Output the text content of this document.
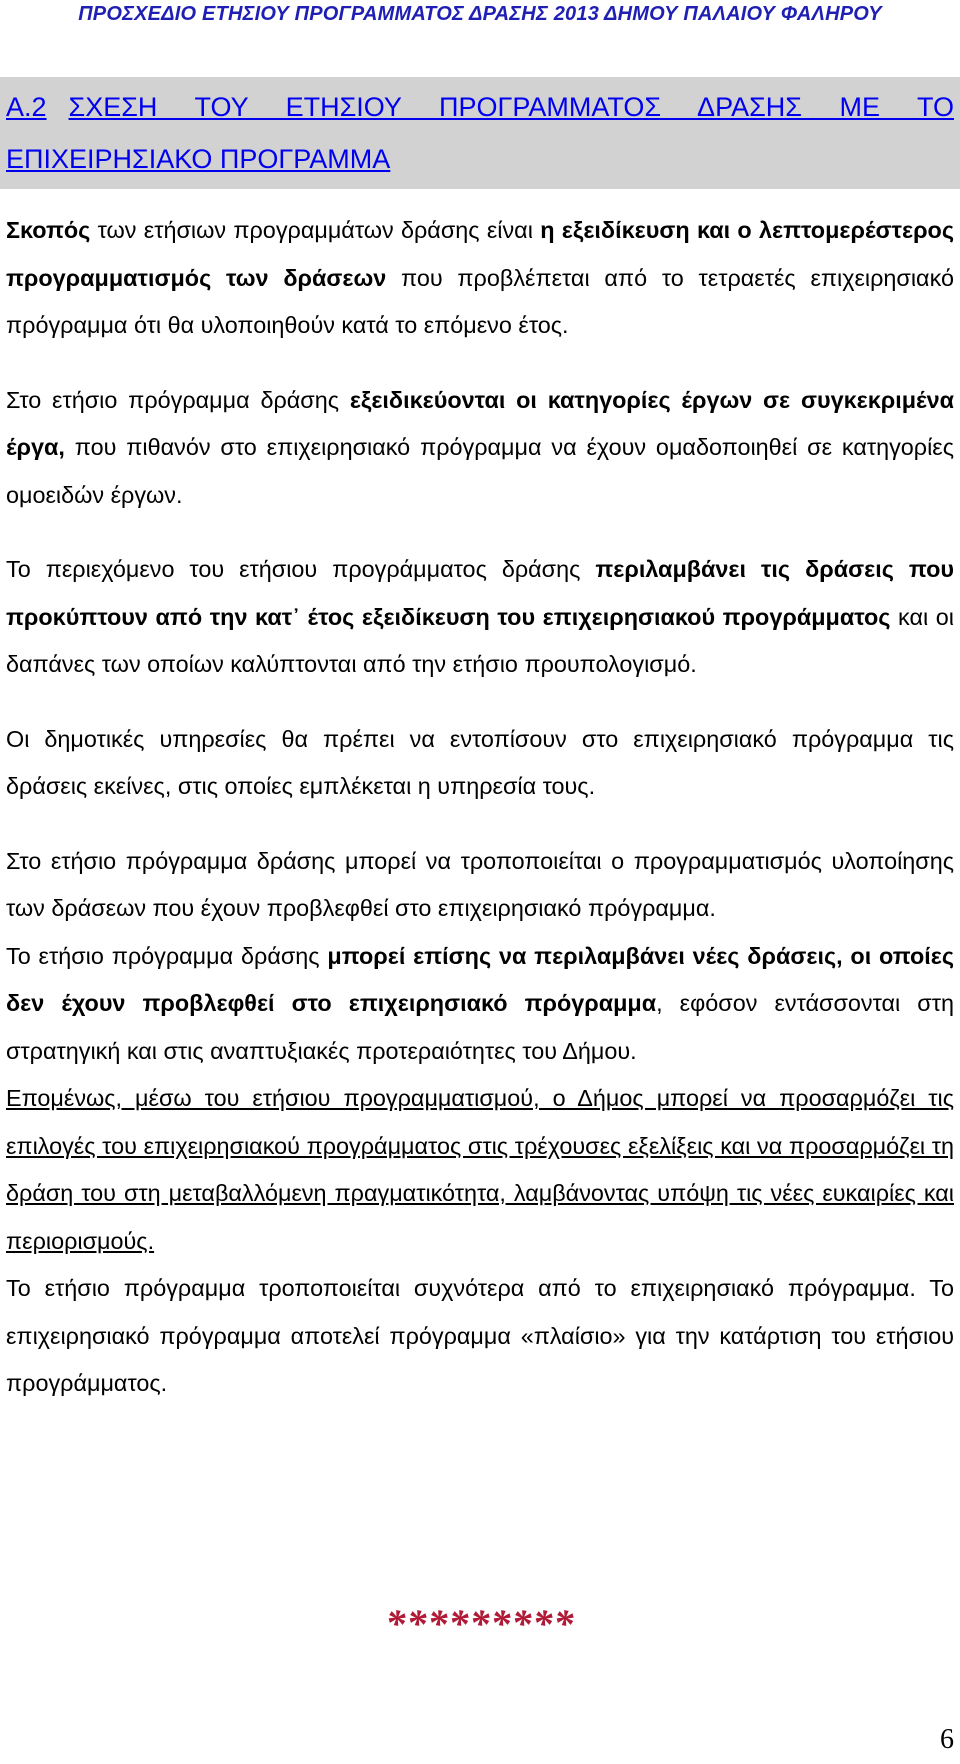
ΠΡΟΣΧΕΔΙΟ ΕΤΗΣΙΟΥ ΠΡΟΓΡΑΜΜΑΤΟΣ ΔΡΑΣΗΣ 2013 ΔΗΜΟΥ ΠΑΛΑΙΟΥ ΦΑΛΗΡΟΥ
Α.2 ΣΧΕΣΗ ΤΟΥ ΕΤΗΣΙΟΥ ΠΡΟΓΡΑΜΜΑΤΟΣ ΔΡΑΣΗΣ ΜΕ ΤΟ ΕΠΙΧΕΙΡΗΣΙΑΚΟ ΠΡΟΓΡΑΜΜΑ

Σκοπός των ετήσιων προγραμμάτων δράσης είναι η εξειδίκευση και ο λεπτομερέστερος προγραμματισμός των δράσεων που προβλέπεται από το τετραετές επιχειρησιακό πρόγραμμα ότι θα υλοποιηθούν κατά το επόμενο έτος.

Στο ετήσιο πρόγραμμα δράσης εξειδικεύονται οι κατηγορίες έργων σε συγκεκριμένα έργα, που πιθανόν στο επιχειρησιακό πρόγραμμα να έχουν ομαδοποιηθεί σε κατηγορίες ομοειδών έργων.

Το περιεχόμενο του ετήσιου προγράμματος δράσης περιλαμβάνει τις δράσεις που προκύπτουν από την κατ᾽ έτος εξειδίκευση του επιχειρησιακού προγράμματος και οι δαπάνες των οποίων καλύπτονται από την ετήσιο προυπολογισμό.

Οι δημοτικές υπηρεσίες θα πρέπει να εντοπίσουν στο επιχειρησιακό πρόγραμμα τις δράσεις εκείνες, στις οποίες εμπλέκεται η υπηρεσία τους.

Στο ετήσιο πρόγραμμα δράσης μπορεί να τροποποιείται ο προγραμματισμός υλοποίησης των δράσεων που έχουν προβλεφθεί στο επιχειρησιακό πρόγραμμα.

Το ετήσιο πρόγραμμα δράσης μπορεί επίσης να περιλαμβάνει νέες δράσεις, οι οποίες δεν έχουν προβλεφθεί στο επιχειρησιακό πρόγραμμα, εφόσον εντάσσονται στη στρατηγική και στις αναπτυξιακές προτεραιότητες του Δήμου.

Επομένως, μέσω του ετήσιου προγραμματισμού, ο Δήμος μπορεί να προσαρμόζει τις επιλογές του επιχειρησιακού προγράμματος στις τρέχουσες εξελίξεις και να προσαρμόζει τη δράση του στη μεταβαλλόμενη πραγματικότητα, λαμβάνοντας υπόψη τις νέες ευκαιρίες και περιορισμούς.

Το ετήσιο πρόγραμμα τροποποιείται συχνότερα από το επιχειρησιακό πρόγραμμα. Το επιχειρησιακό πρόγραμμα αποτελεί πρόγραμμα «πλαίσιο» για την κατάρτιση του ετήσιου προγράμματος.

*********
6
